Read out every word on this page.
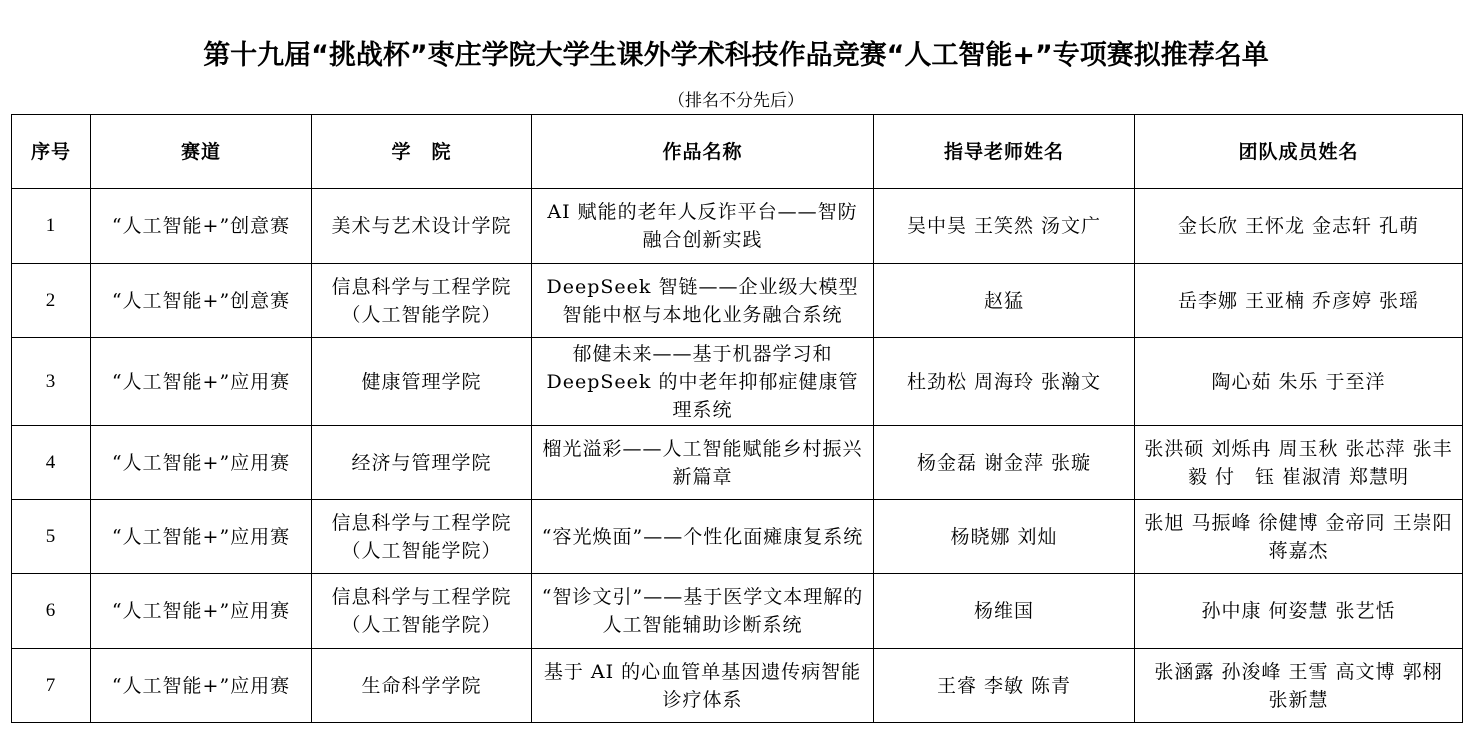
第十九届“挑战杯”枣庄学院大学生课外学术科技作品竞赛“人工智能+”专项赛拟推荐名单
（排名不分先后）
序号	赛道	学　院	作品名称	指导老师姓名	团队成员姓名
1	“人工智能+”创意赛	美术与艺术设计学院	AI 赋能的老年人反诈平台——智防融合创新实践	吴中昊 王笑然 汤文广	金长欣 王怀龙 金志轩 孔萌
2	“人工智能+”创意赛	信息科学与工程学院（人工智能学院）	DeepSeek 智链——企业级大模型智能中枢与本地化业务融合系统	赵猛	岳李娜 王亚楠 乔彦婷 张瑶
3	“人工智能+”应用赛	健康管理学院	郁健未来——基于机器学习和 DeepSeek 的中老年抑郁症健康管理系统	杜劲松 周海玲 张瀚文	陶心茹 朱乐 于至洋
4	“人工智能+”应用赛	经济与管理学院	榴光溢彩——人工智能赋能乡村振兴新篇章	杨金磊 谢金萍 张璇	张洪硕 刘烁冉 周玉秋 张芯萍 张丰毅 付　钰 崔淑清 郑慧明
5	“人工智能+”应用赛	信息科学与工程学院（人工智能学院）	“容光焕面”——个性化面瘫康复系统	杨晓娜 刘灿	张旭 马振峰 徐健博 金帝同 王崇阳 蒋嘉杰
6	“人工智能+”应用赛	信息科学与工程学院（人工智能学院）	“智诊文引”——基于医学文本理解的人工智能辅助诊断系统	杨维国	孙中康 何姿慧 张艺恬
7	“人工智能+”应用赛	生命科学学院	基于 AI 的心血管单基因遗传病智能诊疗体系	王睿 李敏 陈青	张涵露 孙浚峰 王雪 高文博 郭栩 张新慧
